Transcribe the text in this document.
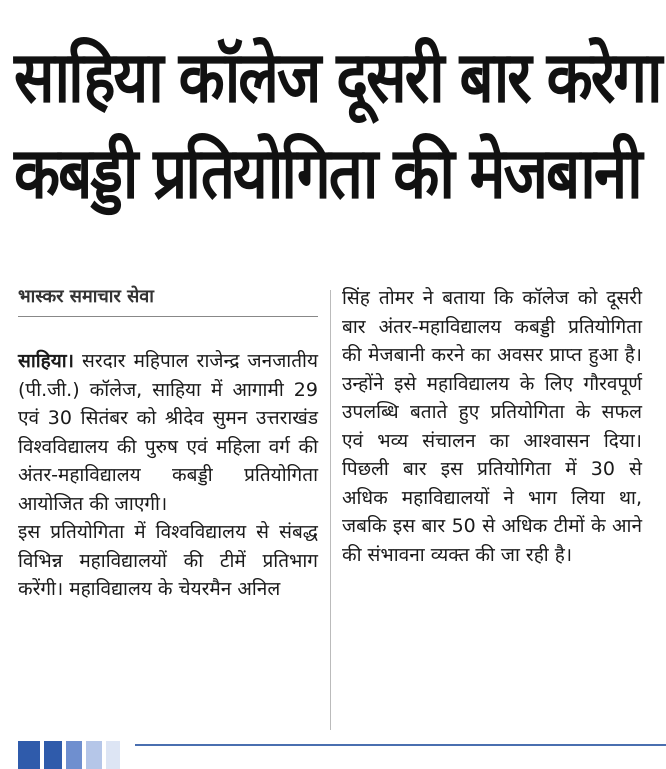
साहिया कॉलेज दूसरी बार करेगा
कबड्डी प्रतियोगिता की मेजबानी
भास्कर समाचार सेवा

साहिया। सरदार महिपाल राजेन्द्र जनजातीय (पी.जी.) कॉलेज, साहिया में आगामी 29 एवं 30 सितंबर को श्रीदेव सुमन उत्तराखंड विश्वविद्यालय की पुरुष एवं महिला वर्ग की अंतर-महाविद्यालय कबड्डी प्रतियोगिता आयोजित की जाएगी।

इस प्रतियोगिता में विश्वविद्यालय से संबद्ध विभिन्न महाविद्यालयों की टीमें प्रतिभाग करेंगी। महाविद्यालय के चेयरमैन अनिल

सिंह तोमर ने बताया कि कॉलेज को दूसरी बार अंतर-महाविद्यालय कबड्डी प्रतियोगिता की मेजबानी करने का अवसर प्राप्त हुआ है। उन्होंने इसे महाविद्यालय के लिए गौरवपूर्ण उपलब्धि बताते हुए प्रतियोगिता के सफल एवं भव्य संचालन का आश्वासन दिया। पिछली बार इस प्रतियोगिता में 30 से अधिक महाविद्यालयों ने भाग लिया था, जबकि इस बार 50 से अधिक टीमों के आने की संभावना व्यक्त की जा रही है।
